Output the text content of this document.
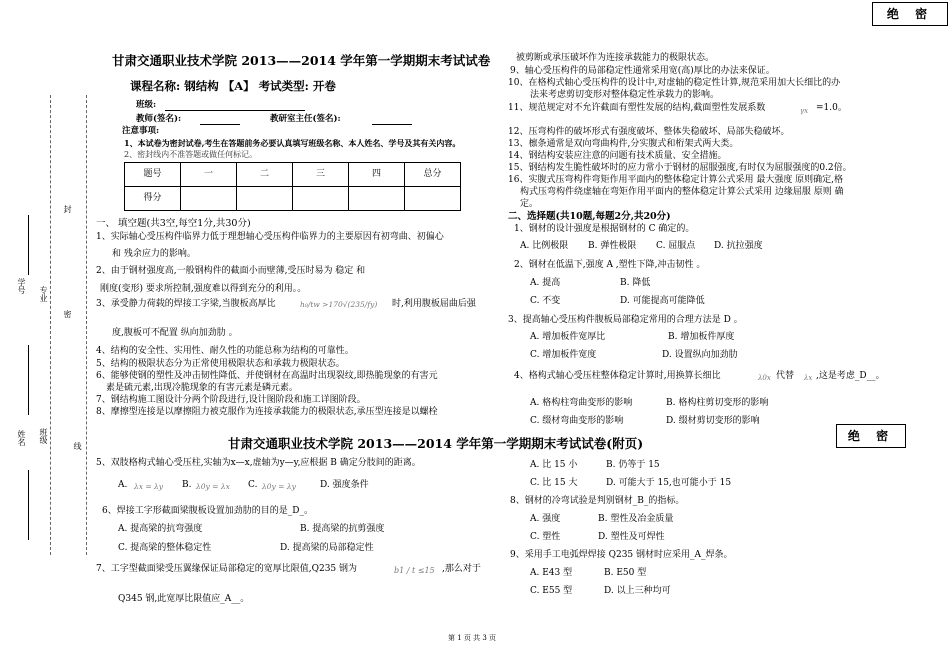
绝 密
绝 密
学号 专业
姓名 班级
封
密
线
甘肃交通职业技术学院 2013——2014 学年第一学期期末考试试卷
课程名称: 钢结构 【A】 考试类型: 开卷
班级:
教师(签名):	教研室主任(签名):
注意事项:
1、本试卷为密封试卷,考生在答题前务必要认真填写班级名称、本人姓名、学号及其有关内容。
2、密封线内不准答题或做任何标记。
题号	一	二	三	四	总分
得分					
一、 填空题(共3空,每空1分,共30分)
1、实际轴心受压构件临界力低于理想轴心受压构件临界力的主要原因有初弯曲、初偏心
和 残余应力的影响。
2、由于钢材强度高,一般钢构件的截面小而壁薄,受压时易为 稳定 和
刚度(变形) 要求所控制,强度难以得到充分的利用。。
3、承受静力荷载的焊接工字梁,当腹板高厚比	h₀/tw >170√(235/fy) 时,利用腹板屈曲后强
度,腹板可不配置 纵向加劲肋 。
4、结构的安全性、实用性、耐久性的功能总称为结构的可靠性。
5、结构的极限状态分为正常使用极限状态和承载力极限状态。
6、能够使钢的塑性及冲击韧性降低、并使钢材在高温时出现裂纹,即热脆现象的有害元
素是硫元素,出现冷脆现象的有害元素是磷元素。
7、钢结构施工图设计分两个阶段进行,设计图阶段和施工详图阶段。
8、摩擦型连接是以摩擦阻力被克服作为连接承载能力的极限状态,承压型连接是以螺栓
被剪断或承压破坏作为连接承载能力的极限状态。
9、轴心受压构件的局部稳定性通常采用宽(高)厚比的办法来保证。
10、在格构式轴心受压构件的设计中,对虚轴的稳定性计算,规范采用加大长细比的办
法来考虑剪切变形对整体稳定性承载力的影响。
11、规范规定对不允许截面有塑性发展的结构,截面塑性发展系数	γx =1.0。
12、压弯构件的破坏形式有强度破坏、整体失稳破坏、局部失稳破坏。
13、檩条通常是双向弯曲构件,分实腹式和桁架式两大类。
14、钢结构安装应注意的问题有技术质量、安全措施。
15、钢结构发生脆性破坏时的应力常小于钢材的屈服强度,有时仅为屈服强度的0.2倍。
16、实腹式压弯构件弯矩作用平面内的整体稳定计算公式采用 最大强度 原则确定,格
构式压弯构件绕虚轴在弯矩作用平面内的整体稳定计算公式采用 边缘屈服 原则 确
定。
二、选择题(共10题,每题2分,共20分)
1、钢材的设计强度是根据钢材的 C 确定的。
A. 比例极限 B. 弹性极限 C. 屈服点 D. 抗拉强度
2、钢材在低温下,强度 A ,塑性下降,冲击韧性 。
A. 提高	B. 降低
C. 不变	D. 可能提高可能降低
3、提高轴心受压构件腹板局部稳定常用的合理方法是 D 。
A. 增加板件宽厚比	B. 增加板件厚度
C. 增加板件宽度	D. 设置纵向加劲肋
4、格构式轴心受压柱整体稳定计算时,用换算长细比	λ0x 代替 λx ,这是考虑_D__。
A. 格构柱弯曲变形的影响	B. 格构柱剪切变形的影响
C. 缀材弯曲变形的影响	D. 缀材剪切变形的影响
甘肃交通职业技术学院 2013——2014 学年第一学期期末考试试卷(附页)
5、双肢格构式轴心受压柱,实轴为x—x,虚轴为y—y,应根据 B 确定分肢间的距离。
A. λx = λy B. λ0y = λx C. λ0y = λy	D. 强度条件
6、焊接工字形截面梁腹板设置加劲肋的目的是_D_。
A. 提高梁的抗弯强度	B. 提高梁的抗剪强度
C. 提高梁的整体稳定性	D. 提高梁的局部稳定性
7、工字型截面梁受压翼缘保证局部稳定的宽厚比限值,Q235 钢为	b1 / t ≤15 ,那么对于
Q345 钢,此宽厚比限值应_A__。
A. 比 15 小	B. 仍等于 15
C. 比 15 大	D. 可能大于 15,也可能小于 15
8、钢材的冷弯试验是判别钢材_B_的指标。
A. 强度	B. 塑性及冶金质量
C. 塑性	D. 塑性及可焊性
9、采用手工电弧焊焊接 Q235 钢材时应采用_A_焊条。
A. E43 型	B. E50 型
C. E55 型	D. 以上三种均可
第 1 页 共 3 页
